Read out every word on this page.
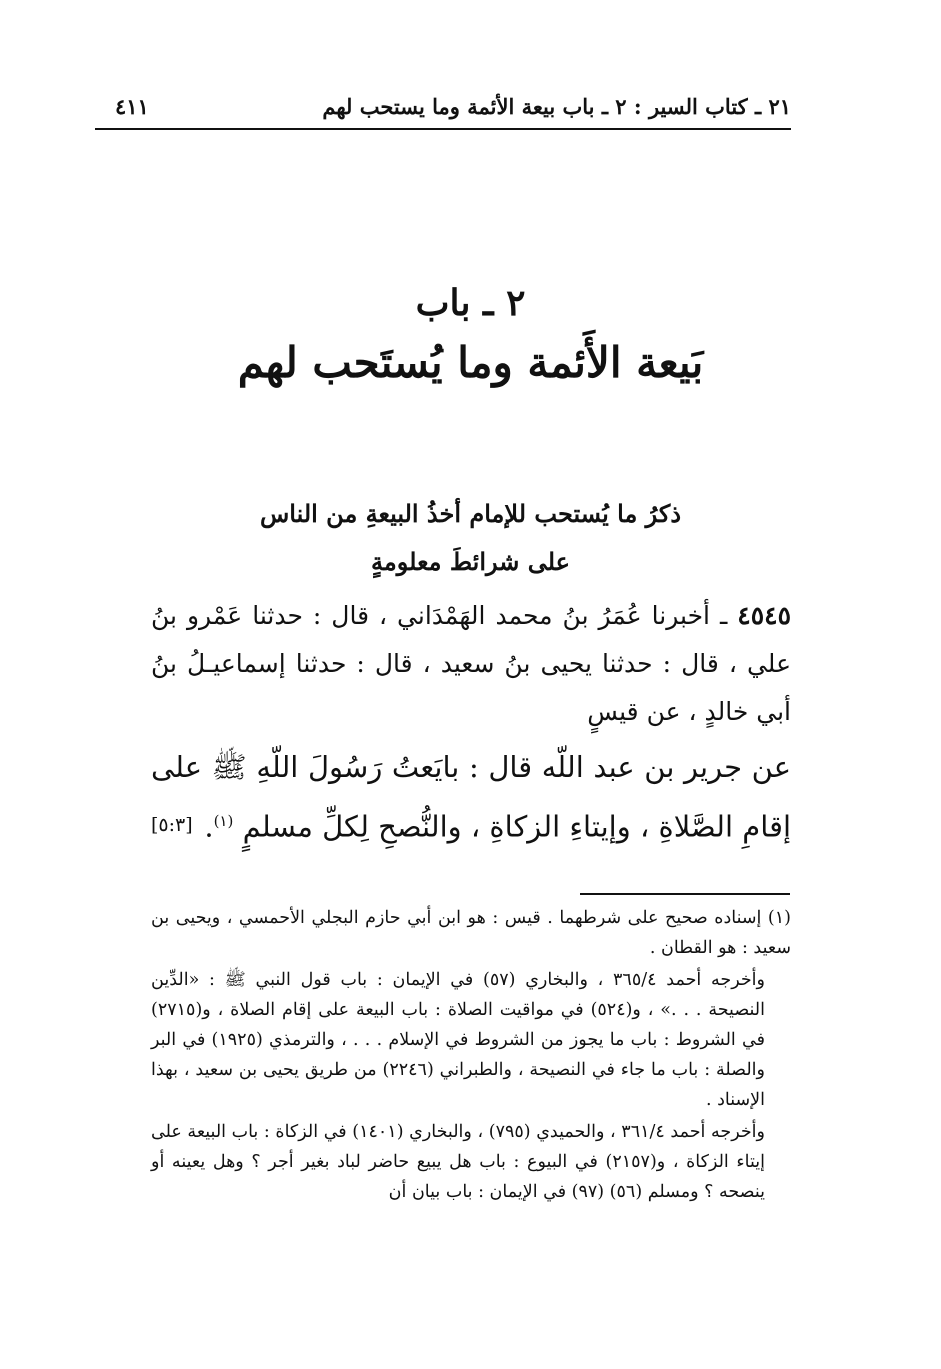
٢١ ـ كتاب السير : ٢ ـ باب بيعة الأئمة وما يستحب لهم
٤١١
٢ ـ باب
بَيعة الأَئمة وما يُستَحب لهم
ذكرُ ما يُستحب للإمام أخذُ البيعةِ من الناس
على شرائطَ معلومةٍ
٤٥٤٥ ـ أخبرنا عُمَرُ بنُ محمد الهَمْدَاني ، قال : حدثنا عَمْرو بنُ علي ، قال : حدثنا يحيى بنُ سعيد ، قال : حدثنا إسماعيـلُ بنُ أبي خالدٍ ، عن قيسٍ
عن جرير بن عبد اللّه قال : بايَعتُ رَسُولَ اللّهِ ﷺ على إقامِ الصَّلاةِ ، وإيتاءِ الزكاةِ ، والنُّصحِ لِكلِّ مسلمٍ $^{(١)}$.
[٥:٣]

(١) إسناده صحيح على شرطهما . قيس : هو ابن أبي حازم البجلي الأحمسي ، ويحيى بن سعيد : هو القطان .

وأخرجه أحمد ٣٦٥/٤ ، والبخاري (٥٧) في الإيمان : باب قول النبي ﷺ : «الدِّين النصيحة . . .» ، و(٥٢٤) في مواقيت الصلاة : باب البيعة على إقام الصلاة ، و(٢٧١٥) في الشروط : باب ما يجوز من الشروط في الإسلام . . . ، والترمذي (١٩٢٥) في البر والصلة : باب ما جاء في النصيحة ، والطبراني (٢٢٤٦) من طريق يحيى بن سعيد ، بهذا الإسناد .

وأخرجه أحمد ٣٦١/٤ ، والحميدي (٧٩٥) ، والبخاري (١٤٠١) في الزكاة : باب البيعة على إيتاء الزكاة ، و(٢١٥٧) في البيوع : باب هل يبيع حاضر لباد بغير أجر ؟ وهل يعينه أو ينصحه ؟ ومسلم (٥٦) (٩٧) في الإيمان : باب بيان أن
